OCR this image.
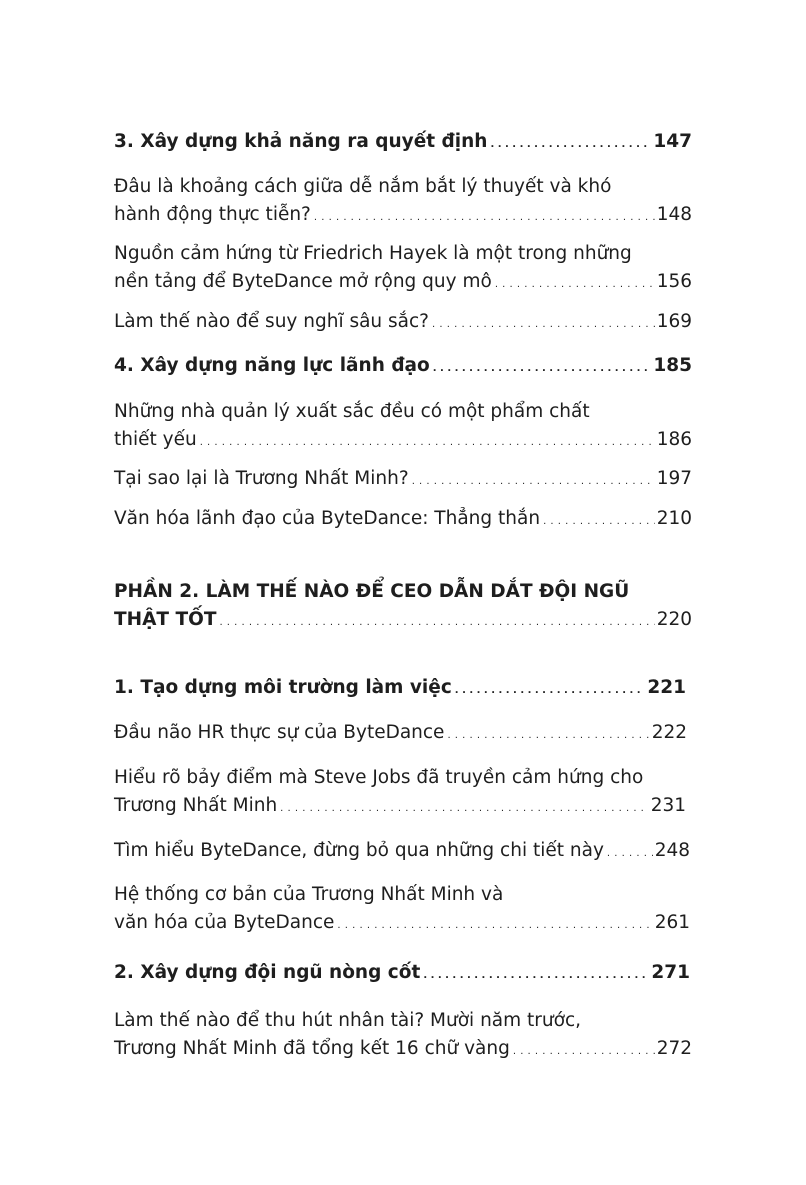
3. Xây dựng khả năng ra quyết định . . .	147
Đâu là khoảng cách giữa dễ nắm bắt lý thuyết và khó
hành động thực tiễn? . . .	148
Nguồn cảm hứng từ Friedrich Hayek là một trong những
nền tảng để ByteDance mở rộng quy mô . . .	156
Làm thế nào để suy nghĩ sâu sắc? . . .	169
4. Xây dựng năng lực lãnh đạo . . .	185
Những nhà quản lý xuất sắc đều có một phẩm chất
thiết yếu . . .	186
Tại sao lại là Trương Nhất Minh? . . .	197
Văn hóa lãnh đạo của ByteDance: Thẳng thắn . . .	210
PHẦN 2. LÀM THẾ NÀO ĐỂ CEO DẪN DẮT ĐỘI NGŨ
THẬT TỐT . . .	220
1. Tạo dựng môi trường làm việc . . .	221
Đầu não HR thực sự của ByteDance . . .	222
Hiểu rõ bảy điểm mà Steve Jobs đã truyền cảm hứng cho
Trương Nhất Minh . . .	231
Tìm hiểu ByteDance, đừng bỏ qua những chi tiết này . . .	248
Hệ thống cơ bản của Trương Nhất Minh và
văn hóa của ByteDance . . .	261
2. Xây dựng đội ngũ nòng cốt . . .	271
Làm thế nào để thu hút nhân tài? Mười năm trước,
Trương Nhất Minh đã tổng kết 16 chữ vàng . . .	272
